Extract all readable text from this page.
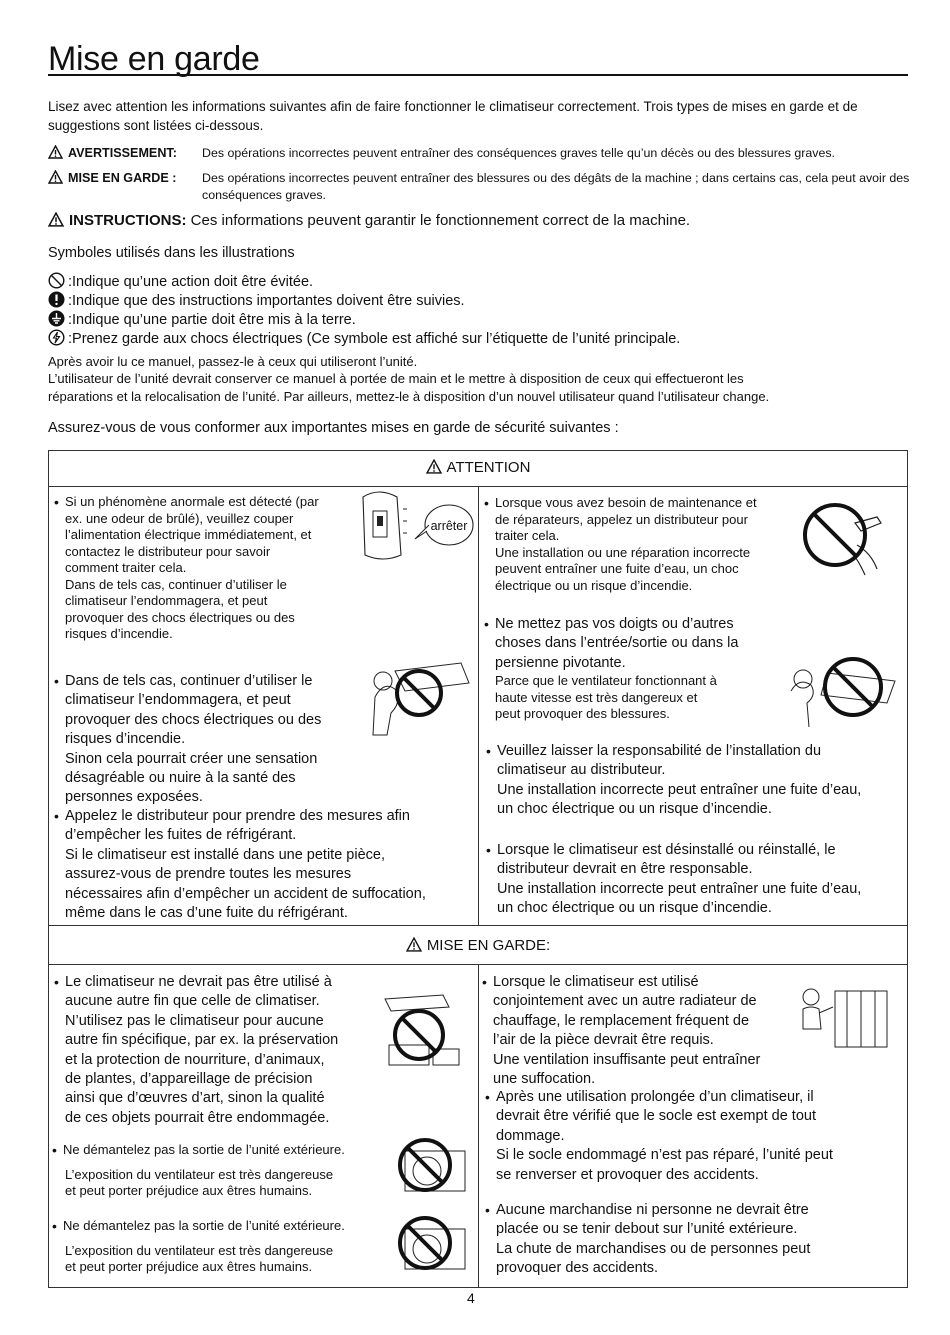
Mise en garde
Lisez avec attention les informations suivantes afin de faire fonctionner le climatiseur correctement. Trois types de mises en garde et de suggestions sont listées ci-dessous.
AVERTISSEMENT: Des opérations incorrectes peuvent entraîner des conséquences graves telle qu’un décès ou des blessures graves.
MISE EN GARDE : Des opérations incorrectes peuvent entraîner des blessures ou des dégâts de la machine ; dans certains cas, cela peut avoir des conséquences graves.
INSTRUCTIONS: Ces informations peuvent garantir le fonctionnement correct de la machine.
Symboles utilisés dans les illustrations
:Indique qu’une action doit être évitée.
:Indique que des instructions importantes doivent être suivies.
:Indique qu’une partie doit être mis à la terre.
:Prenez garde aux chocs électriques (Ce symbole est affiché sur l’étiquette de l’unité principale.
Après avoir lu ce manuel, passez-le à ceux qui utiliseront l’unité.
L’utilisateur de l’unité devrait conserver ce manuel à portée de main et le mettre à disposition de ceux qui effectueront les
réparations et la relocalisation de l’unité. Par ailleurs, mettez-le à disposition d’un nouvel utilisateur quand l’utilisateur change.
Assurez-vous de vous conformer aux importantes mises en garde de sécurité suivantes :
ATTENTION
MISE EN GARDE:
• Si un phénomène anormale est détecté (par
ex. une odeur de brûlé), veuillez couper
l’alimentation électrique immédiatement, et
contactez le distributeur pour savoir
comment traiter cela.
Dans de tels cas, continuer d’utiliser le
climatiseur l’endommagera, et peut
provoquer des chocs électriques ou des
risques d’incendie.
arrêter
• Dans de tels cas, continuer d’utiliser le
climatiseur l’endommagera, et peut
provoquer des chocs électriques ou des
risques d’incendie.
Sinon cela pourrait créer une sensation
désagréable ou nuire à la santé des
personnes exposées.
• Appelez le distributeur pour prendre des mesures afin
d’empêcher les fuites de réfrigérant.
Si le climatiseur est installé dans une petite pièce,
assurez-vous de prendre toutes les mesures
nécessaires afin d’empêcher un accident de suffocation,
même dans le cas d’une fuite du réfrigérant.
• Lorsque vous avez besoin de maintenance et
de réparateurs, appelez un distributeur pour
traiter cela.
Une installation ou une réparation incorrecte
peuvent entraîner une fuite d’eau, un choc
électrique ou un risque d’incendie.
• Ne mettez pas vos doigts ou d’autres
choses dans l’entrée/sortie ou dans la
persienne pivotante.
Parce que le ventilateur fonctionnant à
haute vitesse est très dangereux et
peut provoquer des blessures.
• Veuillez laisser la responsabilité de l’installation du
climatiseur au distributeur.
Une installation incorrecte peut entraîner une fuite d’eau,
un choc électrique ou un risque d’incendie.
• Lorsque le climatiseur est désinstallé ou réinstallé, le
distributeur devrait en être responsable.
Une installation incorrecte peut entraîner une fuite d’eau,
un choc électrique ou un risque d’incendie.
• Le climatiseur ne devrait pas être utilisé à
aucune autre fin que celle de climatiser.
N’utilisez pas le climatiseur pour aucune
autre fin spécifique, par ex. la préservation
et la protection de nourriture, d’animaux,
de plantes, d’appareillage de précision
ainsi que d’œuvres d’art, sinon la qualité
de ces objets pourrait être endommagée.
• Ne démantelez pas la sortie de l’unité extérieure.
L’exposition du ventilateur est très dangereuse
et peut porter préjudice aux êtres humains.
• Ne démantelez pas la sortie de l’unité extérieure.
L’exposition du ventilateur est très dangereuse
et peut porter préjudice aux êtres humains.
• Lorsque le climatiseur est utilisé
conjointement avec un autre radiateur de
chauffage, le remplacement fréquent de
l’air de la pièce devrait être requis.
Une ventilation insuffisante peut entraîner
une suffocation.
• Après une utilisation prolongée d’un climatiseur, il
devrait être vérifié que le socle est exempt de tout
dommage.
Si le socle endommagé n’est pas réparé, l’unité peut
se renverser et provoquer des accidents.
• Aucune marchandise ni personne ne devrait être
placée ou se tenir debout sur l’unité extérieure.
La chute de marchandises ou de personnes peut
provoquer des accidents.
4
